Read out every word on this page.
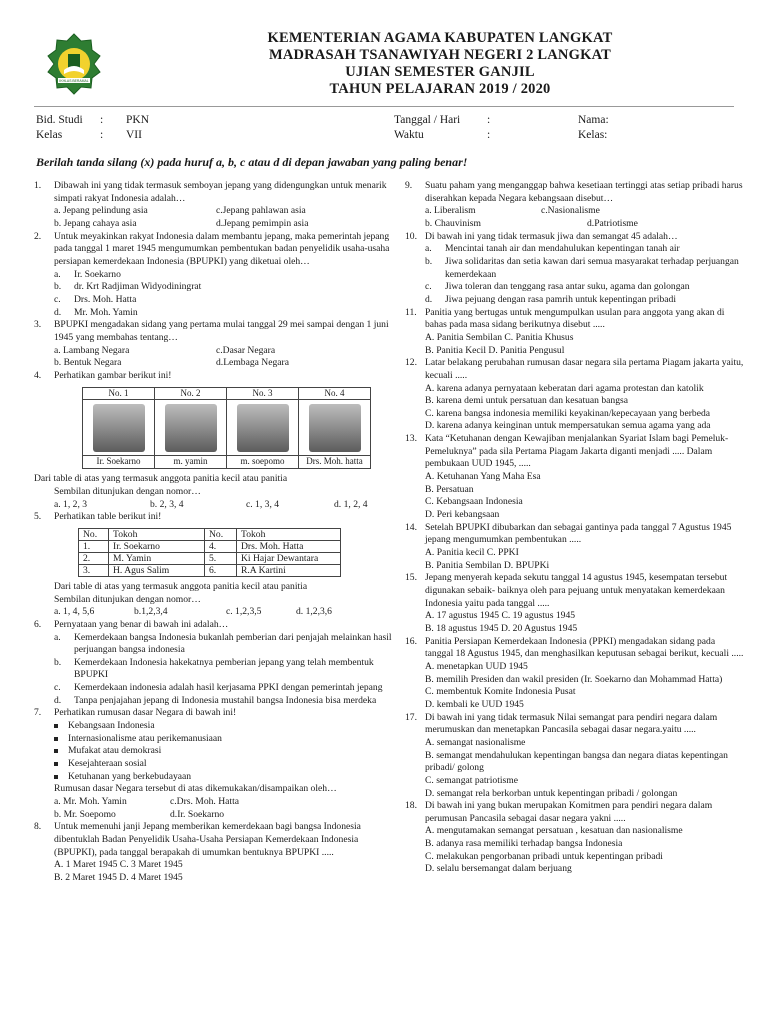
IKHLAS BERAMAL
KEMENTERIAN AGAMA KABUPATEN LANGKAT
MADRASAH TSANAWIYAH NEGERI 2 LANGKAT
UJIAN SEMESTER GANJIL
TAHUN PELAJARAN 2019 / 2020
Bid. Studi	:	PKN
Kelas	:	VII
Tanggal / Hari	:
Waktu	:
Nama:
Kelas:
Berilah tanda silang (x) pada huruf a, b, c atau d di depan jawaban yang paling benar!
1.	Dibawah ini yang tidak termasuk semboyan jepang yang didengungkan untuk menarik simpati rakyat Indonesia adalah…
a. Jepang pelindung asia	c.Jepang pahlawan asia
b. Jepang cahaya asia	d.Jepang pemimpin asia
2.	Untuk meyakinkan rakyat Indonesia dalam membantu jepang, maka pemerintah jepang pada tanggal 1 maret 1945 mengumumkan pembentukan badan penyelidik usaha-usaha persiapan kemerdekaan Indonesia (BPUPKI) yang diketuai oleh…
a.	Ir. Soekarno
b.	dr. Krt Radjiman Widyodiningrat
c.	Drs. Moh. Hatta
d.	Mr. Moh. Yamin
3.	BPUPKI mengadakan sidang yang pertama mulai tanggal 29 mei sampai dengan 1 juni 1945 yang membahas tentang…
a. Lambang Negara	c.Dasar Negara
b. Bentuk Negara	d.Lembaga Negara
4.	Perhatikan gambar berikut ini!
No. 1	No. 2	No. 3	No. 4

Ir. Soekarno	m. yamin	m. soepomo	Drs. Moh. hatta
Dari table di atas yang termasuk anggota panitia kecil atau panitia
Sembilan ditunjukan dengan nomor…
a. 1, 2, 3	b. 2, 3, 4	c. 1, 3, 4	d. 1, 2, 4
5.	Perhatikan table berikut ini!
No.	Tokoh	No.	Tokoh
1.	Ir. Soekarno	4.	Drs. Moh. Hatta
2.	M. Yamin	5.	Ki Hajar Dewantara
3.	H. Agus Salim	6.	R.A Kartini
Dari table di atas yang termasuk anggota panitia kecil atau panitia
Sembilan ditunjukan dengan nomor…
a. 1, 4, 5,6	b.1,2,3,4	c. 1,2,3,5	d. 1,2,3,6
6.	Pernyataan yang benar di bawah ini adalah…
a.	Kemerdekaan bangsa Indonesia bukanlah pemberian dari penjajah melainkan hasil perjuangan bangsa indonesia
b.	Kemerdekaan Indonesia hakekatnya pemberian jepang yang telah membentuk BPUPKI
c.	Kemerdekaan indonesia adalah hasil kerjasama PPKI dengan pemerintah jepang
d.	Tanpa penjajahan jepang di Indonesia mustahil bangsa Indonesia bisa merdeka
7.	Perhatikan rumusan dasar Negara di bawah ini!
Kebangsaan Indonesia
Internasionalisme atau perikemanusiaan
Mufakat atau demokrasi
Kesejahteraan sosial
Ketuhanan yang berkebudayaan
Rumusan dasar Negara tersebut di atas dikemukakan/disampaikan oleh…
a. Mr. Moh. Yamin	c.Drs. Moh. Hatta
b. Mr. Soepomo	d.Ir. Soekarno
8.	Untuk memenuhi janji Jepang memberikan kemerdekaan bagi bangsa Indonesia dibentuklah Badan Penyelidik Usaha-Usaha Persiapan Kemerdekaan Indonesia (BPUPKI), pada tanggal berapakah di umumkan bentuknya BPUPKI .....
A. 1 Maret 1945 C. 3 Maret 1945
B. 2 Maret 1945 D. 4 Maret 1945
9.	Suatu paham yang menganggap bahwa kesetiaan tertinggi atas setiap pribadi harus diserahkan kepada Negara kebangsaan disebut…
a. Liberalism	c.Nasionalisme
b. Chauvinism	d.Patriotisme
10. Di bawah ini yang tidak termasuk jiwa dan semangat 45 adalah…
a.	Mencintai tanah air dan mendahulukan kepentingan tanah air
b.	Jiwa solidaritas dan setia kawan dari semua masyarakat terhadap perjuangan kemerdekaan
c.	Jiwa toleran dan tenggang rasa antar suku, agama dan golongan
d.	Jiwa pejuang dengan rasa pamrih untuk kepentingan pribadi
11. Panitia yang bertugas untuk mengumpulkan usulan para anggota yang akan di bahas pada masa sidang berikutnya disebut .....
A. Panitia Sembilan C. Panitia Khusus
B. Panitia Kecil D. Panitia Pengusul
12. Latar belakang perubahan rumusan dasar negara sila pertama Piagam jakarta yaitu, kecuali .....
A. karena adanya pernyataan keberatan dari agama protestan dan katolik
B. karena demi untuk persatuan dan kesatuan bangsa
C. karena bangsa indonesia memiliki keyakinan/kepecayaan yang berbeda
D. karena adanya keinginan untuk mempersatukan semua agama yang ada
13. Kata “Ketuhanan dengan Kewajiban menjalankan Syariat Islam bagi Pemeluk- Pemeluknya” pada sila Pertama Piagam Jakarta diganti menjadi ..... Dalam pembukaan UUD 1945, .....
A. Ketuhanan Yang Maha Esa
B. Persatuan
C. Kebangsaan Indonesia
D. Peri kebangsaan
14. Setelah BPUPKI dibubarkan dan sebagai gantinya pada tanggal 7 Agustus 1945 jepang mengumumkan pembentukan .....
A. Panitia kecil C. PPKI
B. Panitia Sembilan D. BPUPKi
15. Jepang menyerah kepada sekutu tanggal 14 agustus 1945, kesempatan tersebut digunakan sebaik- baiknya oleh para pejuang untuk menyatakan kemerdekaan Indonesia yaitu pada tanggal .....
A. 17 agustus 1945 C. 19 agustus 1945
B. 18 agustus 1945 D. 20 Agustus 1945
16. Panitia Persiapan Kemerdekaan Indonesia (PPKI) mengadakan sidang pada tanggal 18 Agustus 1945, dan menghasilkan keputusan sebagai berikut, kecuali .....
A. menetapkan UUD 1945
B. memilih Presiden dan wakil presiden (Ir. Soekarno dan Mohammad Hatta)
C. membentuk Komite Indonesia Pusat
D. kembali ke UUD 1945
17. Di bawah ini yang tidak termasuk Nilai semangat para pendiri negara dalam merumuskan dan menetapkan Pancasila sebagai dasar negara.yaitu .....
A. semangat nasionalisme
B. semangat mendahulukan kepentingan bangsa dan negara diatas kepentingan pribadi/ golong
C. semangat patriotisme
D. semangat rela berkorban untuk kepentingan pribadi / golongan
18. Di bawah ini yang bukan merupakan Komitmen para pendiri negara dalam perumusan Pancasila sebagai dasar negara yakni .....
A. mengutamakan semangat persatuan , kesatuan dan nasionalisme
B. adanya rasa memiliki terhadap bangsa Indonesia
C. melakukan pengorbanan pribadi untuk kepentingan pribadi
D. selalu bersemangat dalam berjuang
